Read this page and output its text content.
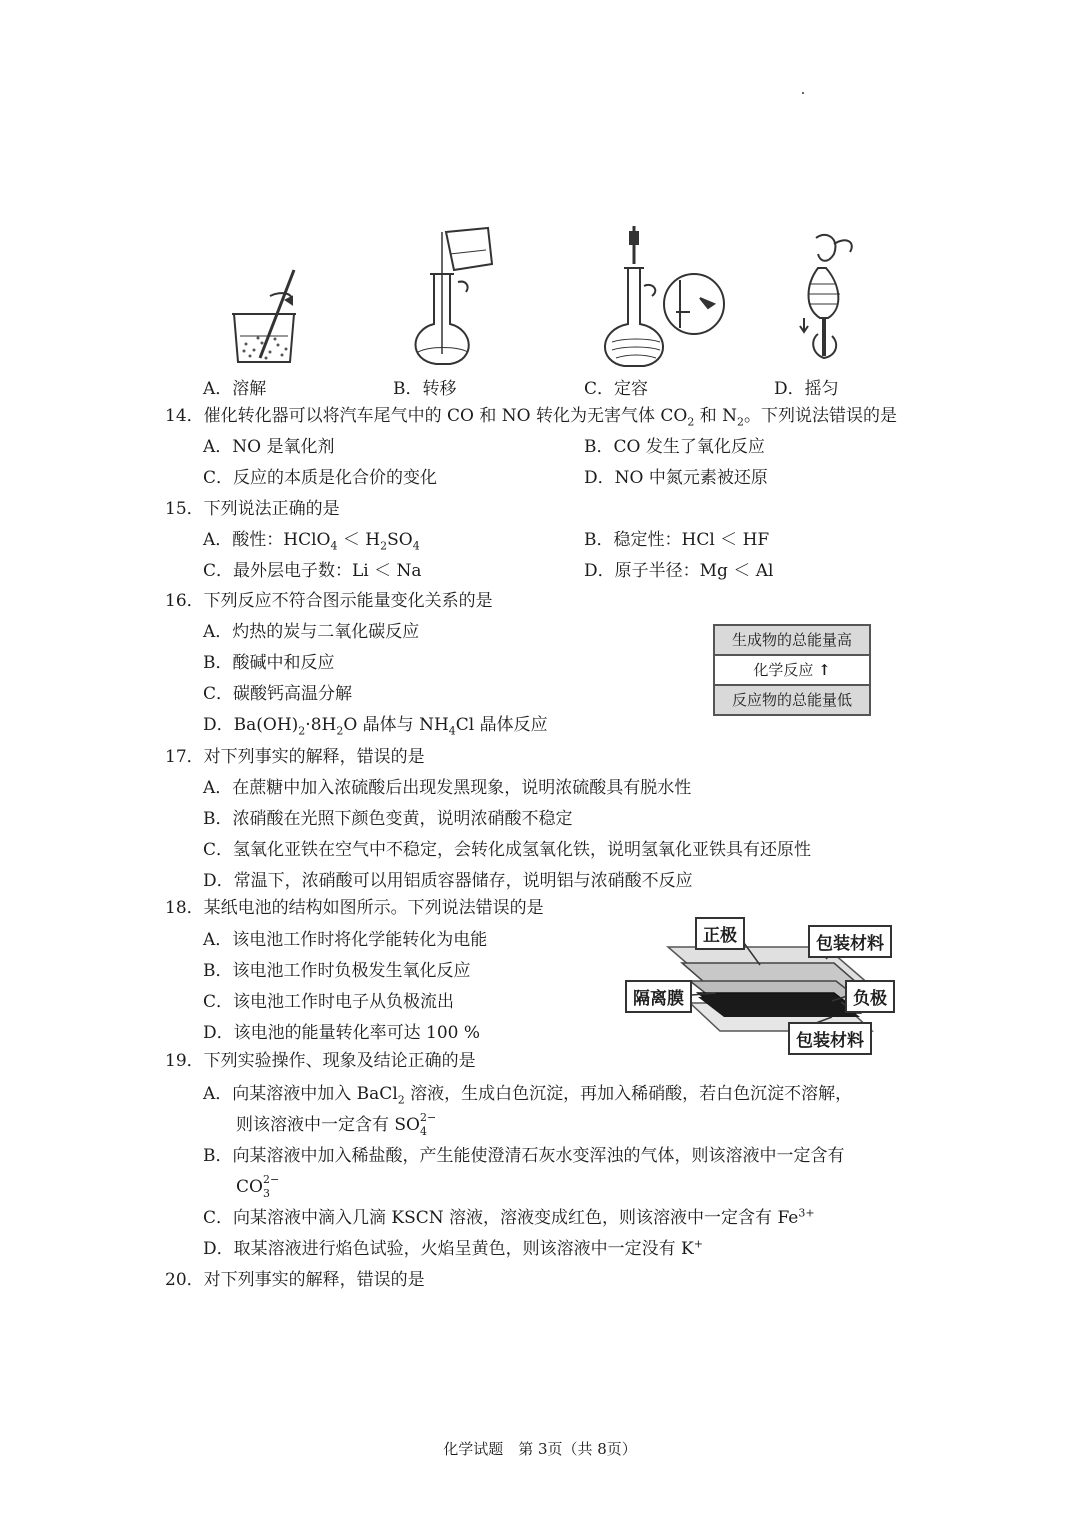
A．溶解	B．转移	C．定容	D．摇匀
14．催化转化器可以将汽车尾气中的 CO 和 NO 转化为无害气体 $CO_2$ 和 $N_2$。下列说法错误的是
A．NO 是氧化剂	B．CO 发生了氧化反应
C．反应的本质是化合价的变化	D．NO 中氮元素被还原
15．下列说法正确的是
A．酸性：HClO$_4$ ＜ $H_2SO_4$	B．稳定性：HCl ＜ HF
C．最外层电子数：Li ＜ Na	D．原子半径：Mg ＜ Al
16．下列反应不符合图示能量变化关系的是
A．灼热的炭与二氧化碳反应
B．酸碱中和反应
C．碳酸钙高温分解
D．$Ba(OH)_2\cdot 8H_2O$ 晶体与 $NH_4Cl$ 晶体反应
生成物的总能量高
化学反应 ↑
反应物的总能量低
17．对下列事实的解释，错误的是
A．在蔗糖中加入浓硫酸后出现发黑现象，说明浓硫酸具有脱水性
B．浓硝酸在光照下颜色变黄，说明浓硝酸不稳定
C．氢氧化亚铁在空气中不稳定，会转化成氢氧化铁，说明氢氧化亚铁具有还原性
D．常温下，浓硝酸可以用铝质容器储存，说明铝与浓硝酸不反应
18．某纸电池的结构如图所示。下列说法错误的是
A．该电池工作时将化学能转化为电能
B．该电池工作时负极发生氧化反应
C．该电池工作时电子从负极流出
D．该电池的能量转化率可达 100 %
正极	包装材料
隔离膜	负极
包装材料
19．下列实验操作、现象及结论正确的是
A．向某溶液中加入 BaCl$_2$ 溶液，生成白色沉淀，再加入稀硝酸，若白色沉淀不溶解，
则该溶液中一定含有 SO 2−
4
B．向某溶液中加入稀盐酸，产生能使澄清石灰水变浑浊的气体，则该溶液中一定含有
CO 2−
3
C．向某溶液中滴入几滴 KSCN 溶液，溶液变成红色，则该溶液中一定含有 $Fe^{3+}$
D．取某溶液进行焰色试验，火焰呈黄色，则该溶液中一定没有 K+
20．对下列事实的解释，错误的是
化学试题　第 3页（共 8页）
